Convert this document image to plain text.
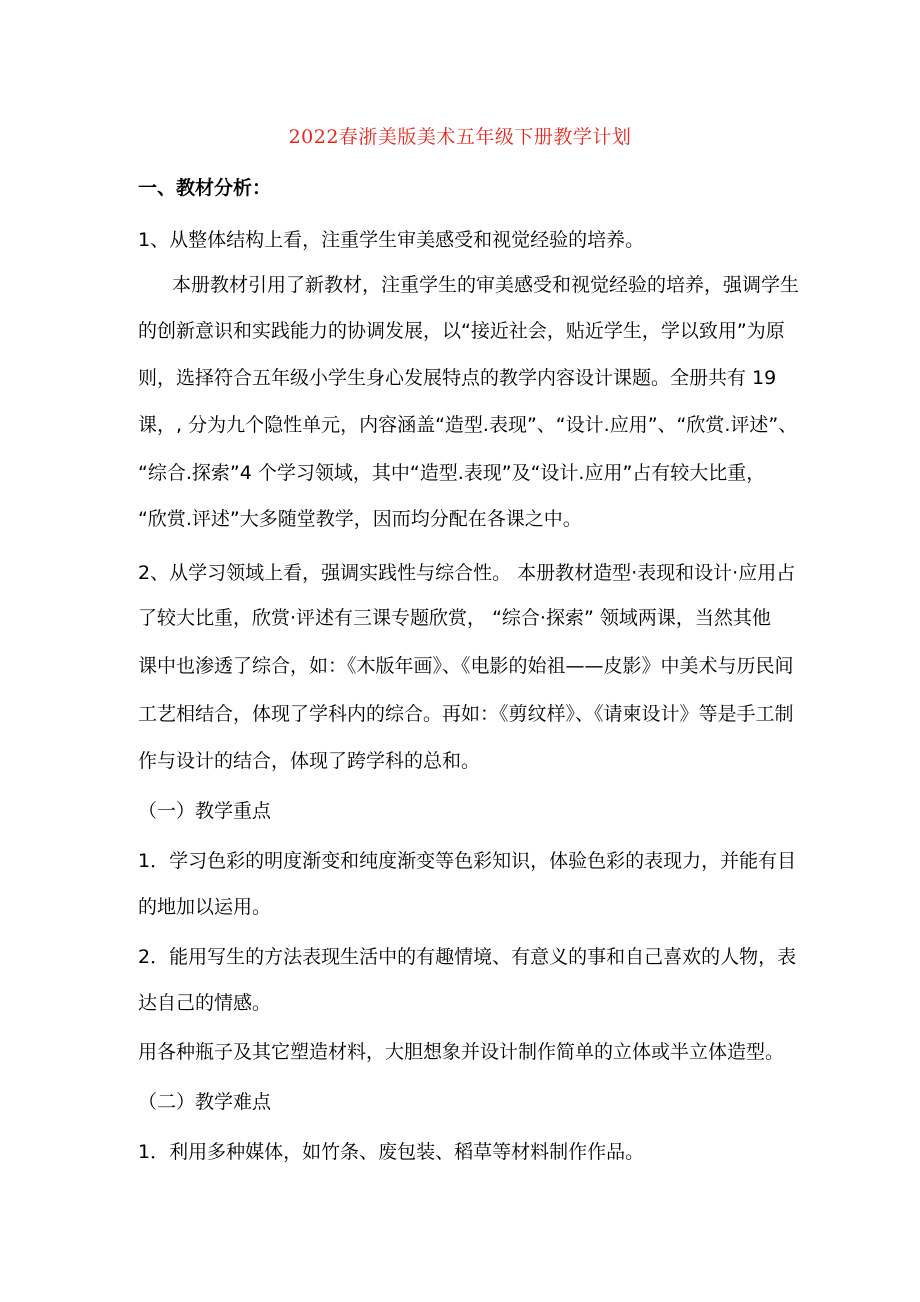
2022春浙美版美术五年级下册教学计划
一、教材分析：
1、从整体结构上看，注重学生审美感受和视觉经验的培养。
本册教材引用了新教材，注重学生的审美感受和视觉经验的培养，强调学生
的创新意识和实践能力的协调发展，以“接近社会，贴近学生，学以致用”为原
则，选择符合五年级小学生身心发展特点的教学内容设计课题。全册共有 19
课，, 分为九个隐性单元，内容涵盖“造型.表现”、“设计.应用”、“欣赏.评述”、
“综合.探索”4 个学习领域，其中“造型.表现”及“设计.应用”占有较大比重，
“欣赏.评述”大多随堂教学，因而均分配在各课之中。
2、从学习领域上看，强调实践性与综合性。 本册教材造型·表现和设计·应用占
了较大比重，欣赏·评述有三课专题欣赏， “综合·探索” 领域两课，当然其他
课中也渗透了综合，如：《木版年画》、《电影的始祖——皮影》中美术与历民间
工艺相结合，体现了学科内的综合。再如：《剪纹样》、《请柬设计》等是手工制
作与设计的结合，体现了跨学科的总和。
（一）教学重点
1．学习色彩的明度渐变和纯度渐变等色彩知识，体验色彩的表现力，并能有目
的地加以运用。
2．能用写生的方法表现生活中的有趣情境、有意义的事和自己喜欢的人物，表
达自己的情感。
用各种瓶子及其它塑造材料，大胆想象并设计制作简单的立体或半立体造型。
（二）教学难点
1．利用多种媒体，如竹条、废包装、稻草等材料制作作品。
